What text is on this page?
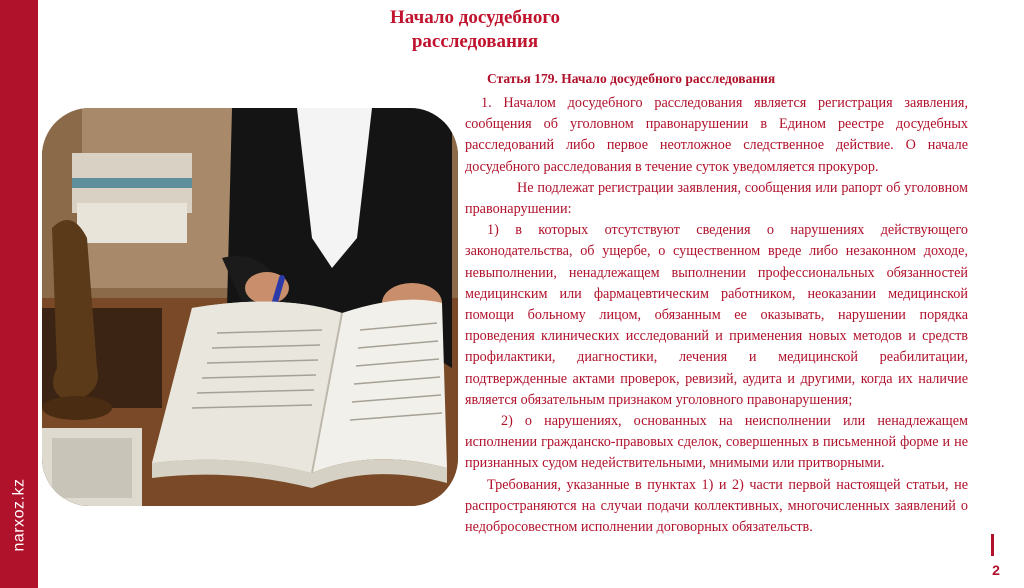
narxoz.kz
Начало досудебного расследования
Статья 179. Начало досудебного расследования

1. Началом досудебного расследования является регистрация заявления, сообщения об уголовном правонарушении в Едином реестре досудебных расследований либо первое неотложное следственное действие. О начале досудебного расследования в течение суток уведомляется прокурор.

Не подлежат регистрации заявления, сообщения или рапорт об уголовном правонарушении:

1) в которых отсутствуют сведения о нарушениях действующего законодательства, об ущербе, о существенном вреде либо незаконном доходе, невыполнении, ненадлежащем выполнении профессиональных обязанностей медицинским или фармацевтическим работником, неоказании медицинской помощи больному лицом, обязанным ее оказывать, нарушении порядка проведения клинических исследований и применения новых методов и средств профилактики, диагностики, лечения и медицинской реабилитации, подтвержденные актами проверок, ревизий, аудита и другими, когда их наличие является обязательным признаком уголовного правонарушения;

2) о нарушениях, основанных на неисполнении или ненадлежащем исполнении гражданско-правовых сделок, совершенных в письменной форме и не признанных судом недействительными, мнимыми или притворными.

Требования, указанные в пунктах 1) и 2) части первой настоящей статьи, не распространяются на случаи подачи коллективных, многочисленных заявлений о недобросовестном исполнении договорных обязательств.

2
